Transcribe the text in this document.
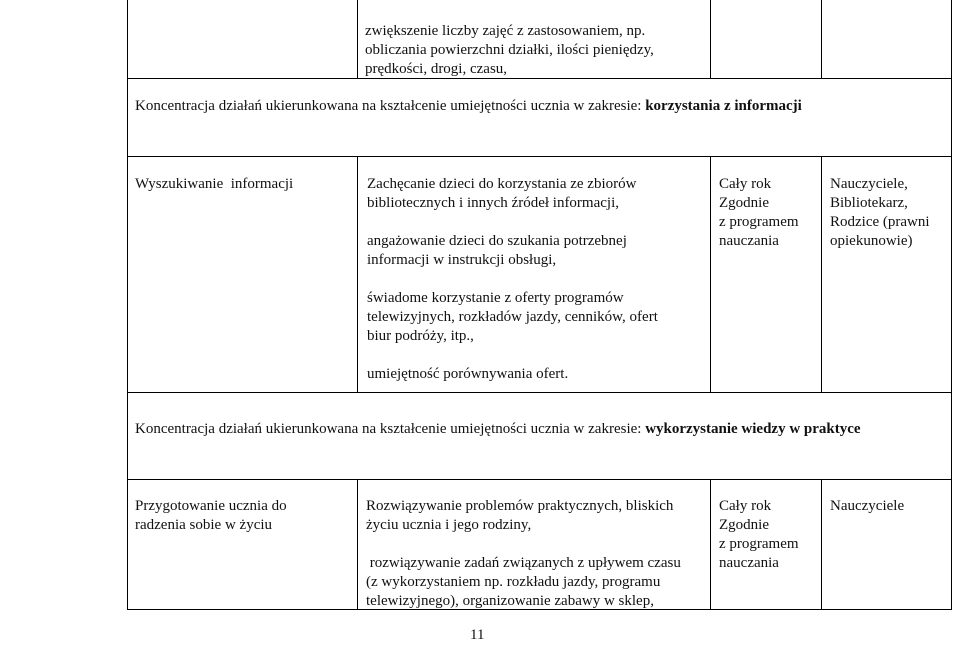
zwiększenie liczby zajęć z zastosowaniem, np.

obliczania powierzchni działki, ilości pieniędzy,

prędkości, drogi, czasu,

Koncentracja działań ukierunkowana na kształcenie umiejętności ucznia w zakresie: korzystania z informacji
Wyszukiwanie  informacji	Zachęcanie dzieci do korzystania ze zbiorów

bibliotecznych i innych źródeł informacji,

angażowanie dzieci do szukania potrzebnej

informacji w instrukcji obsługi,

świadome korzystanie z oferty programów

telewizyjnych, rozkładów jazdy, cenników, ofert

biur podróży, itp.,

umiejętność porównywania ofert.

Cały rok

Zgodnie

z programem

nauczania

Nauczyciele,

Bibliotekarz,

Rodzice (prawni

opiekunowie)

Koncentracja działań ukierunkowana na kształcenie umiejętności ucznia w zakresie: wykorzystanie wiedzy w praktyce

Przygotowanie ucznia do

radzenia sobie w życiu

Rozwiązywanie problemów praktycznych, bliskich

życiu ucznia i jego rodziny,

rozwiązywanie zadań związanych z upływem czasu

(z wykorzystaniem np. rozkładu jazdy, programu

telewizyjnego), organizowanie zabawy w sklep,

Cały rok

Zgodnie

z programem

nauczania

Nauczyciele

11
